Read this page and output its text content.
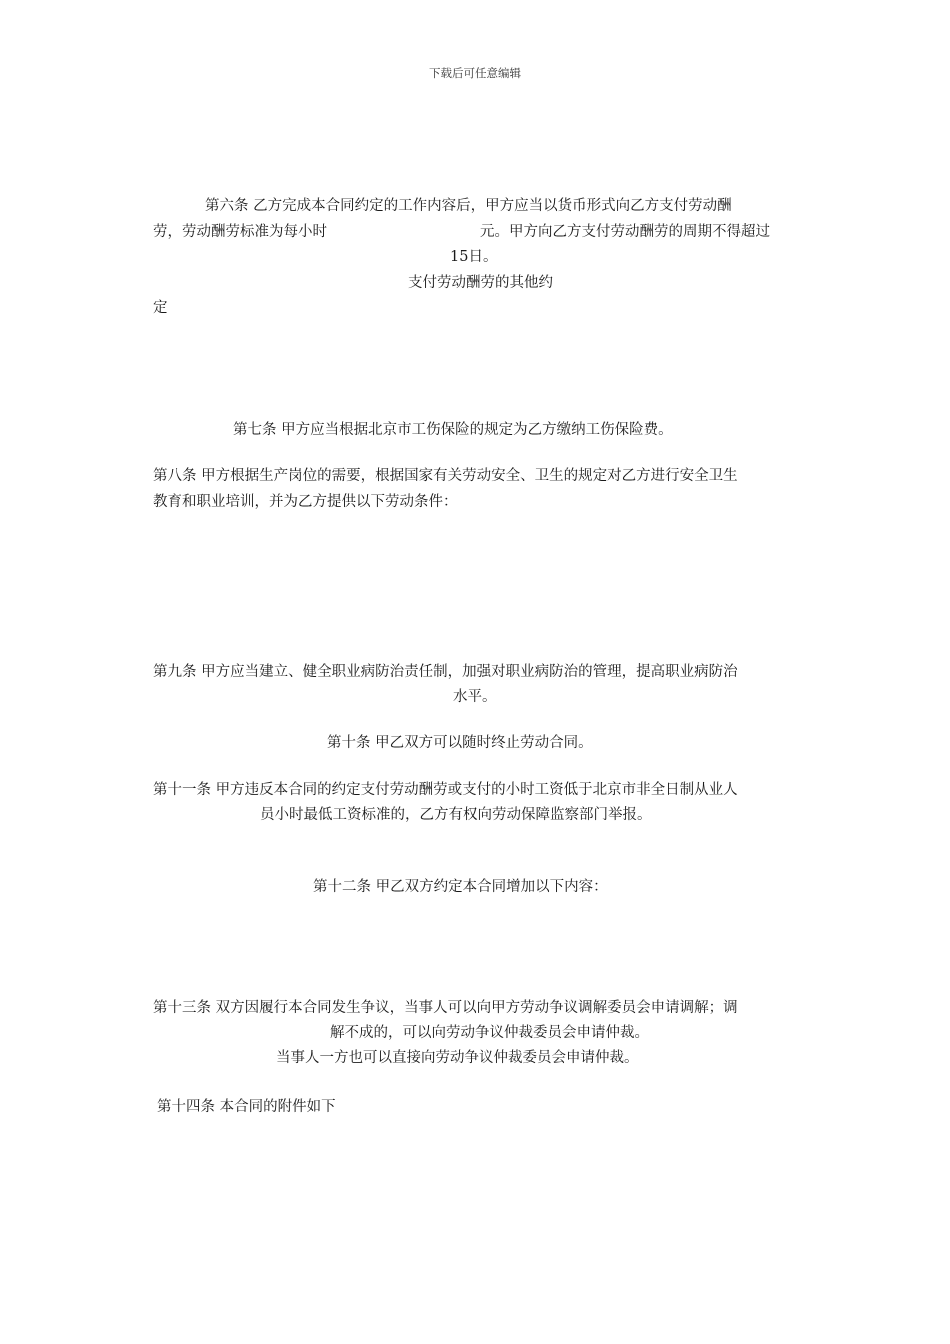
下载后可任意编辑
第六条 乙方完成本合同约定的工作内容后，甲方应当以货币形式向乙方支付劳动酬
劳，劳动酬劳标准为每小时	元。甲方向乙方支付劳动酬劳的周期不得超过
15日。
支付劳动酬劳的其他约
定
第七条 甲方应当根据北京市工伤保险的规定为乙方缴纳工伤保险费。
第八条 甲方根据生产岗位的需要，根据国家有关劳动安全、卫生的规定对乙方进行安全卫生
教育和职业培训，并为乙方提供以下劳动条件：
第九条 甲方应当建立、健全职业病防治责任制，加强对职业病防治的管理，提高职业病防治
水平。
第十条 甲乙双方可以随时终止劳动合同。
第十一条 甲方违反本合同的约定支付劳动酬劳或支付的小时工资低于北京市非全日制从业人
员小时最低工资标准的，乙方有权向劳动保障监察部门举报。
第十二条 甲乙双方约定本合同增加以下内容：
第十三条 双方因履行本合同发生争议，当事人可以向甲方劳动争议调解委员会申请调解；调
解不成的，可以向劳动争议仲裁委员会申请仲裁。
当事人一方也可以直接向劳动争议仲裁委员会申请仲裁。
第十四条 本合同的附件如下
